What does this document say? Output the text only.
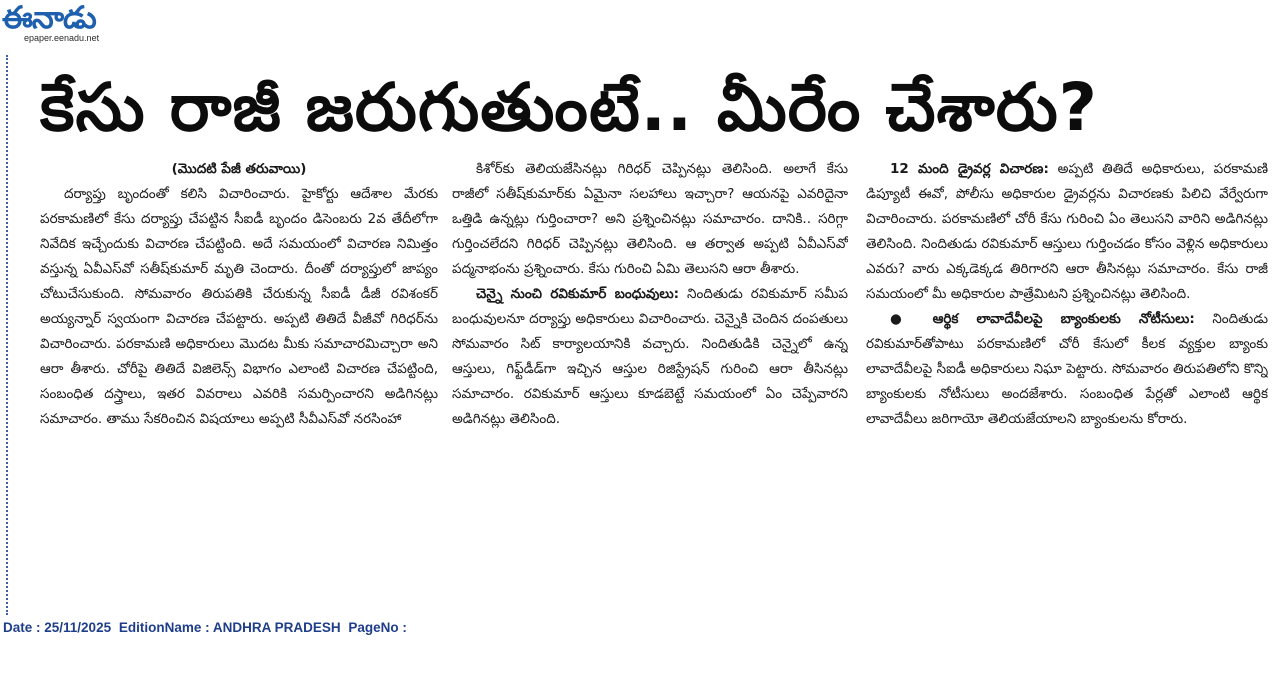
ఈనాడు
epaper.eenadu.net
కేసు రాజీ జరుగుతుంటే.. మీరేం చేశారు?
(మొదటి పేజీ తరువాయి)
దర్యాప్తు బృందంతో కలిసి విచారించారు. హైకోర్టు ఆదేశాల మేరకు పరకామణిలో కేసు దర్యాప్తు చేపట్టిన సీఐడీ బృందం డిసెంబరు 2వ తేదీలోగా నివేదిక ఇచ్చేందుకు విచారణ చేపట్టింది. అదే సమయంలో విచారణ నిమిత్తం వస్తున్న ఏవీఎస్‌వో సతీష్‌కుమార్ మృతి చెందారు. దీంతో దర్యాప్తులో జాప్యం చోటుచేసుకుంది. సోమవారం తిరుపతికి చేరుకున్న సీఐడీ డీజీ రవిశంకర్ అయ్యన్నార్ స్వయంగా విచారణ చేపట్టారు. అప్పటి తితిదే వీజీవో గిరిధర్‌ను విచారించారు. పరకామణి అధికారులు మొదట మీకు సమాచారమిచ్చారా అని ఆరా తీశారు. చోరీపై తితిదే విజిలెన్స్ విభాగం ఎలాంటి విచారణ చేపట్టింది, సంబంధిత దస్త్రాలు, ఇతర వివరాలు ఎవరికి సమర్పించారని అడిగినట్లు సమాచారం. తాము సేకరించిన విషయాలు అప్పటి సీవీఎస్‌వో నరసింహా
కిశోర్‌కు తెలియజేసినట్లు గిరిధర్ చెప్పినట్లు తెలిసింది. అలాగే కేసు రాజీలో సతీష్‌కుమార్‌కు ఏమైనా సలహాలు ఇచ్చారా? ఆయనపై ఎవరిదైనా ఒత్తిడి ఉన్నట్లు గుర్తించారా? అని ప్రశ్నించినట్లు సమాచారం. దానికి.. సరిగ్గా గుర్తించలేదని గిరిధర్ చెప్పినట్లు తెలిసింది. ఆ తర్వాత అప్పటి ఏవీఎస్‌వో పద్మనాభంను ప్రశ్నించారు. కేసు గురించి ఏమి తెలుసని ఆరా తీశారు.
చెన్నై నుంచి రవికుమార్ బంధువులు: నిందితుడు రవికుమార్ సమీప బంధువులనూ దర్యాప్తు అధికారులు విచారించారు. చెన్నైకి చెందిన దంపతులు సోమవారం సిట్ కార్యాలయానికి వచ్చారు. నిందితుడికి చెన్నైలో ఉన్న ఆస్తులు, గిఫ్ట్‌డీడ్‌గా ఇచ్చిన ఆస్తుల రిజిస్ట్రేషన్ గురించి ఆరా తీసినట్లు సమాచారం. రవికుమార్ ఆస్తులు కూడబెట్టే సమయంలో ఏం చెప్పేవారని అడిగినట్లు తెలిసింది.
12 మంది డ్రైవర్ల విచారణ: అప్పటి తితిదే అధికారులు, పరకామణి డిప్యూటీ ఈవో, పోలీసు అధికారుల డ్రైవర్లను విచారణకు పిలిచి వేర్వేరుగా విచారించారు. పరకామణిలో చోరీ కేసు గురించి ఏం తెలుసని వారిని అడిగినట్లు తెలిసింది. నిందితుడు రవికుమార్ ఆస్తులు గుర్తించడం కోసం వెళ్లిన అధికారులు ఎవరు? వారు ఎక్కడెక్కడ తిరిగారని ఆరా తీసినట్లు సమాచారం. కేసు రాజీ సమయంలో మీ అధికారుల పాత్రేమిటని ప్రశ్నించినట్లు తెలిసింది.
● ఆర్థిక లావాదేవీలపై బ్యాంకులకు నోటీసులు: నిందితుడు రవికుమార్‌తోపాటు పరకామణిలో చోరీ కేసులో కీలక వ్యక్తుల బ్యాంకు లావాదేవీలపై సీఐడీ అధికారులు నిఘా పెట్టారు. సోమవారం తిరుపతిలోని కొన్ని బ్యాంకులకు నోటీసులు అందజేశారు. సంబంధిత పేర్లతో ఎలాంటి ఆర్థిక లావాదేవీలు జరిగాయో తెలియజేయాలని బ్యాంకులను కోరారు.
Date : 25/11/2025 EditionName : ANDHRA PRADESH PageNo :
